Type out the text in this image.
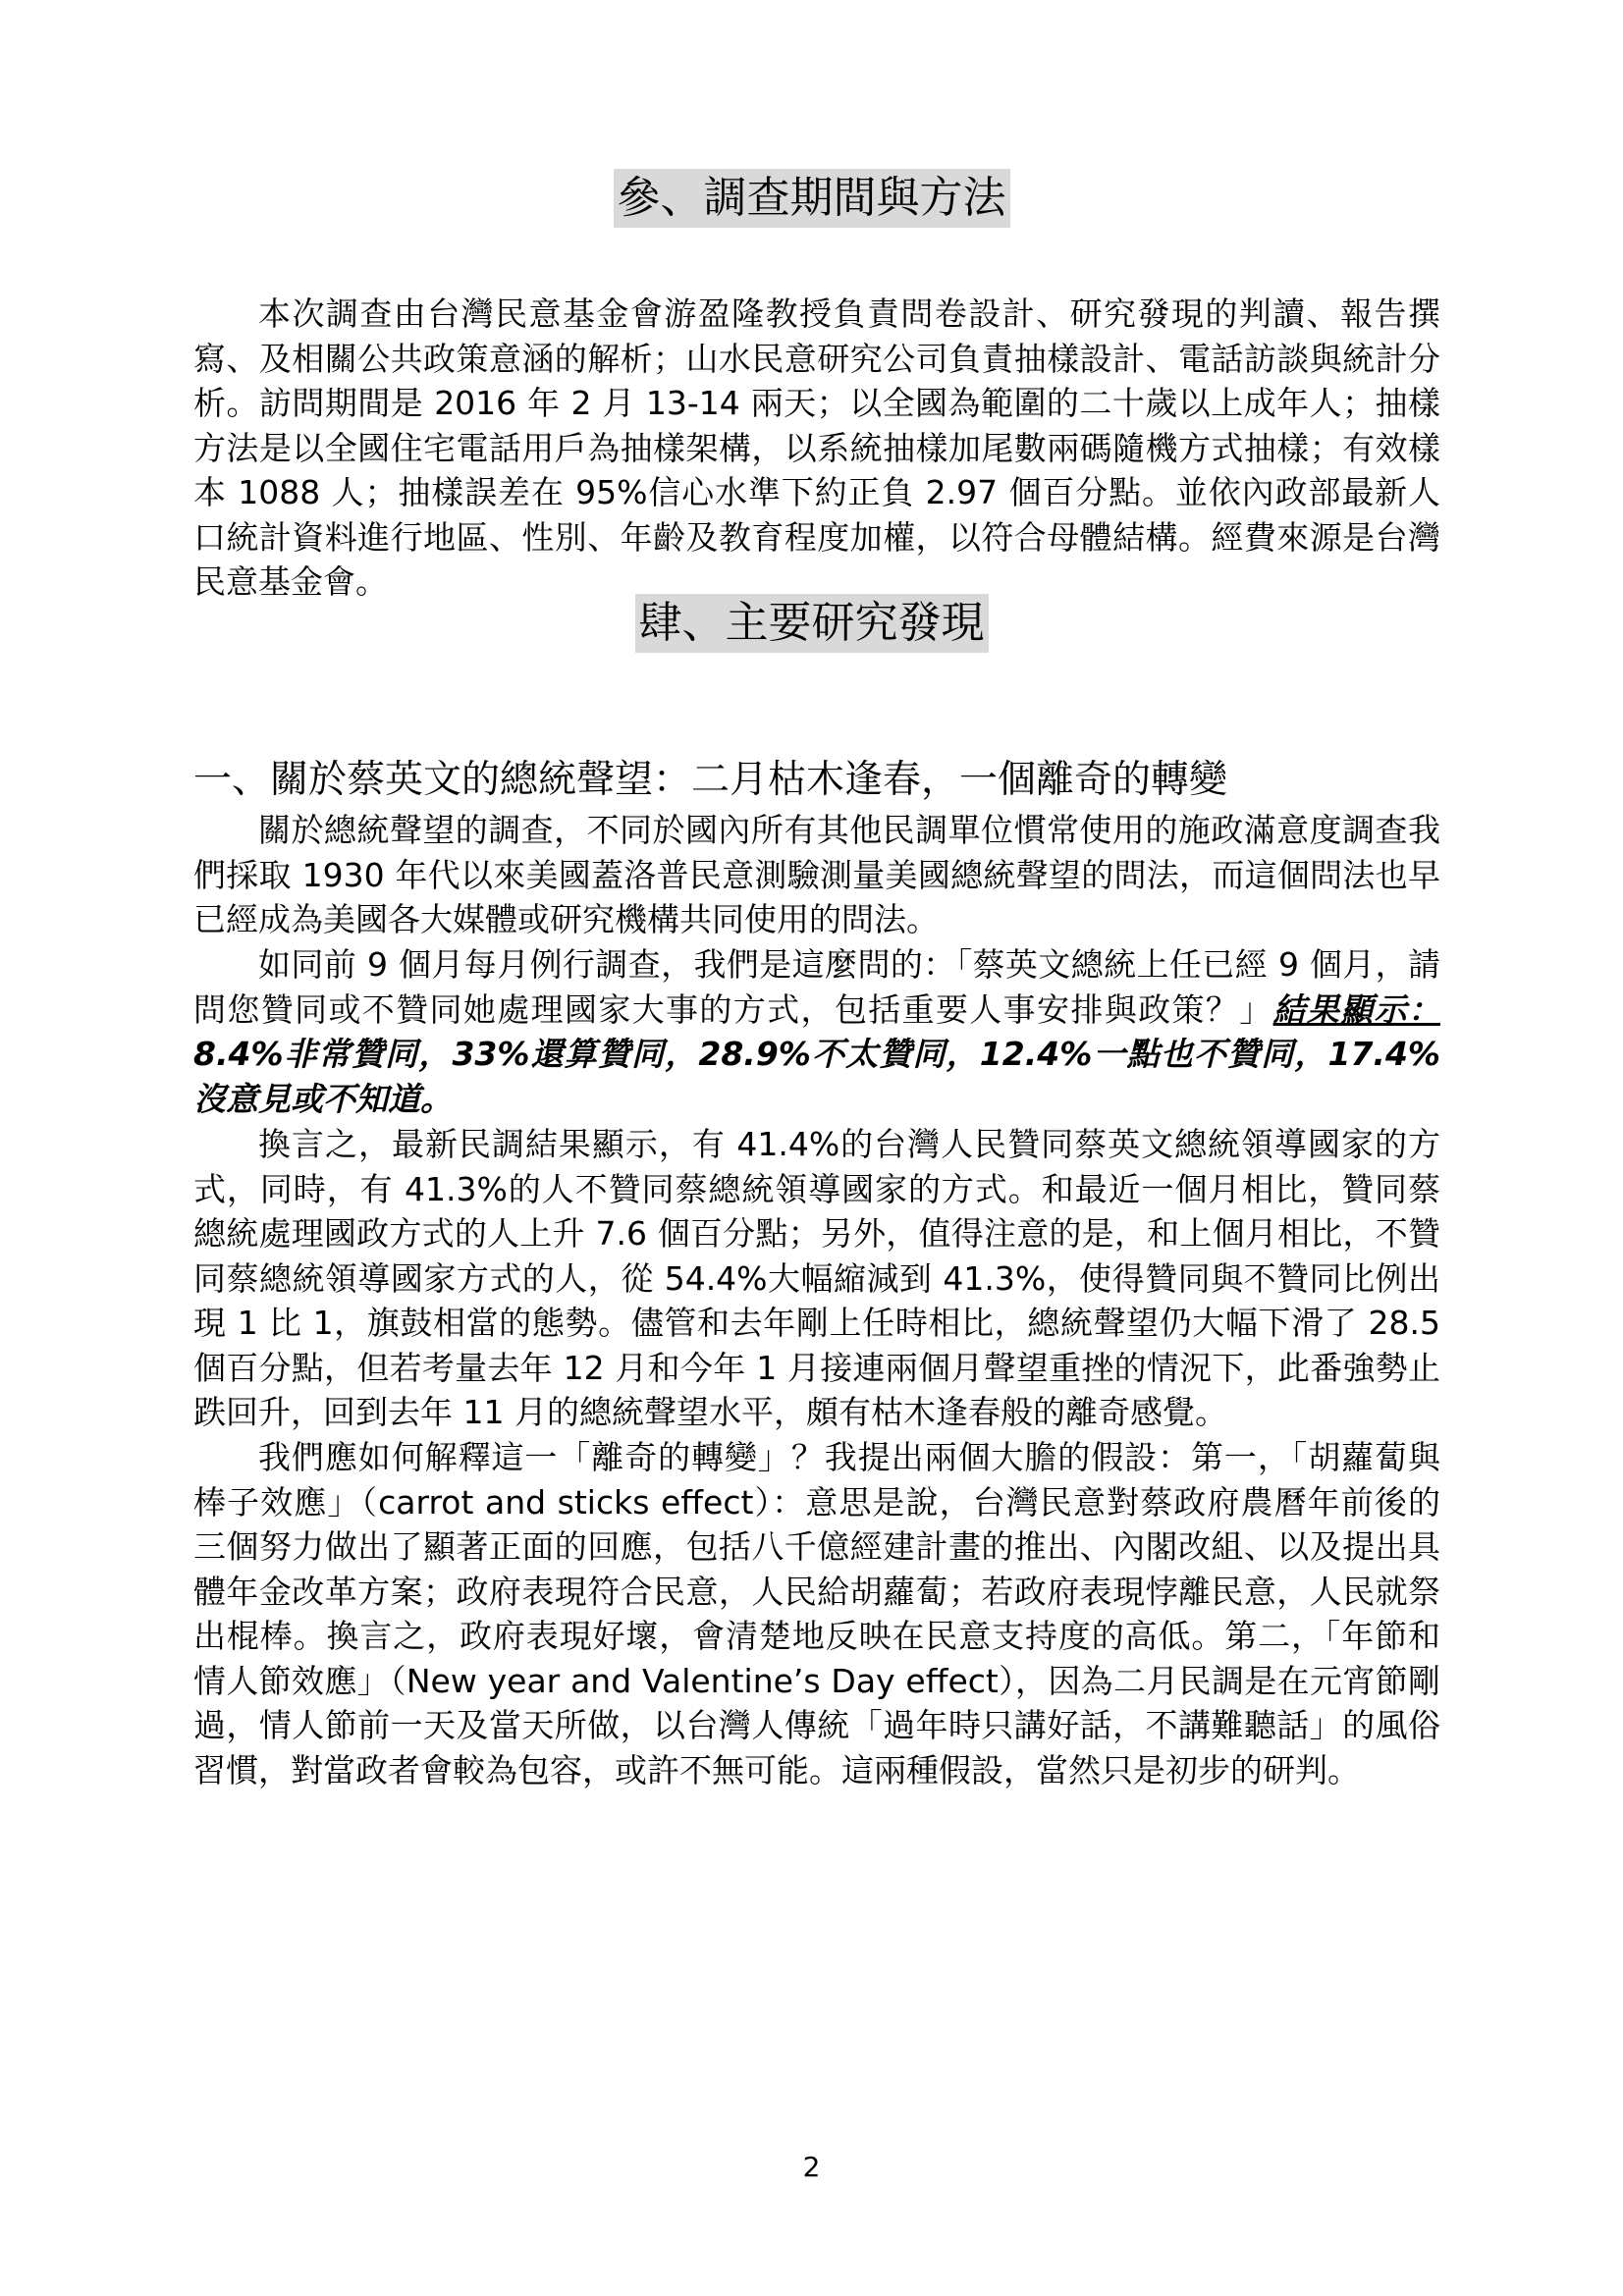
參、調查期間與方法

本次調查由台灣民意基金會游盈隆教授負責問卷設計、研究發現的判讀、報告撰寫、及相關公共政策意涵的解析；山水民意研究公司負責抽樣設計、電話訪談與統計分析。訪問期間是 2016 年 2 月 13-14 兩天；以全國為範圍的二十歲以上成年人；抽樣方法是以全國住宅電話用戶為抽樣架構，以系統抽樣加尾數兩碼隨機方式抽樣；有效樣本 1088 人；抽樣誤差在 95%信心水準下約正負 2.97 個百分點。並依內政部最新人口統計資料進行地區、性別、年齡及教育程度加權，以符合母體結構。經費來源是台灣民意基金會。

肆、主要研究發現

一、關於蔡英文的總統聲望：二月枯木逢春，一個離奇的轉變

關於總統聲望的調查，不同於國內所有其他民調單位慣常使用的施政滿意度調查我們採取 1930 年代以來美國蓋洛普民意測驗測量美國總統聲望的問法，而這個問法也早已經成為美國各大媒體或研究機構共同使用的問法。

如同前 9 個月每月例行調查，我們是這麼問的：「蔡英文總統上任已經 9 個月，請問您贊同或不贊同她處理國家大事的方式，包括重要人事安排與政策？」結果顯示：8.4%非常贊同，33%還算贊同，28.9%不太贊同，12.4%一點也不贊同，17.4%沒意見或不知道。

換言之，最新民調結果顯示，有 41.4%的台灣人民贊同蔡英文總統領導國家的方式，同時，有 41.3%的人不贊同蔡總統領導國家的方式。和最近一個月相比，贊同蔡總統處理國政方式的人上升 7.6 個百分點；另外，值得注意的是，和上個月相比，不贊同蔡總統領導國家方式的人，從 54.4%大幅縮減到 41.3%，使得贊同與不贊同比例出現 1 比 1，旗鼓相當的態勢。儘管和去年剛上任時相比，總統聲望仍大幅下滑了 28.5 個百分點，但若考量去年 12 月和今年 1 月接連兩個月聲望重挫的情況下，此番強勢止跌回升，回到去年 11 月的總統聲望水平，頗有枯木逢春般的離奇感覺。

我們應如何解釋這一「離奇的轉變」？我提出兩個大膽的假設：第一，「胡蘿蔔與棒子效應」（carrot and sticks effect）：意思是說，台灣民意對蔡政府農曆年前後的三個努力做出了顯著正面的回應，包括八千億經建計畫的推出、內閣改組、以及提出具體年金改革方案；政府表現符合民意，人民給胡蘿蔔；若政府表現悖離民意，人民就祭出棍棒。換言之，政府表現好壞，會清楚地反映在民意支持度的高低。第二，「年節和情人節效應」（New year and Valentine’s Day effect），因為二月民調是在元宵節剛過，情人節前一天及當天所做，以台灣人傳統「過年時只講好話，不講難聽話」的風俗習慣，對當政者會較為包容，或許不無可能。這兩種假設，當然只是初步的研判。

2
